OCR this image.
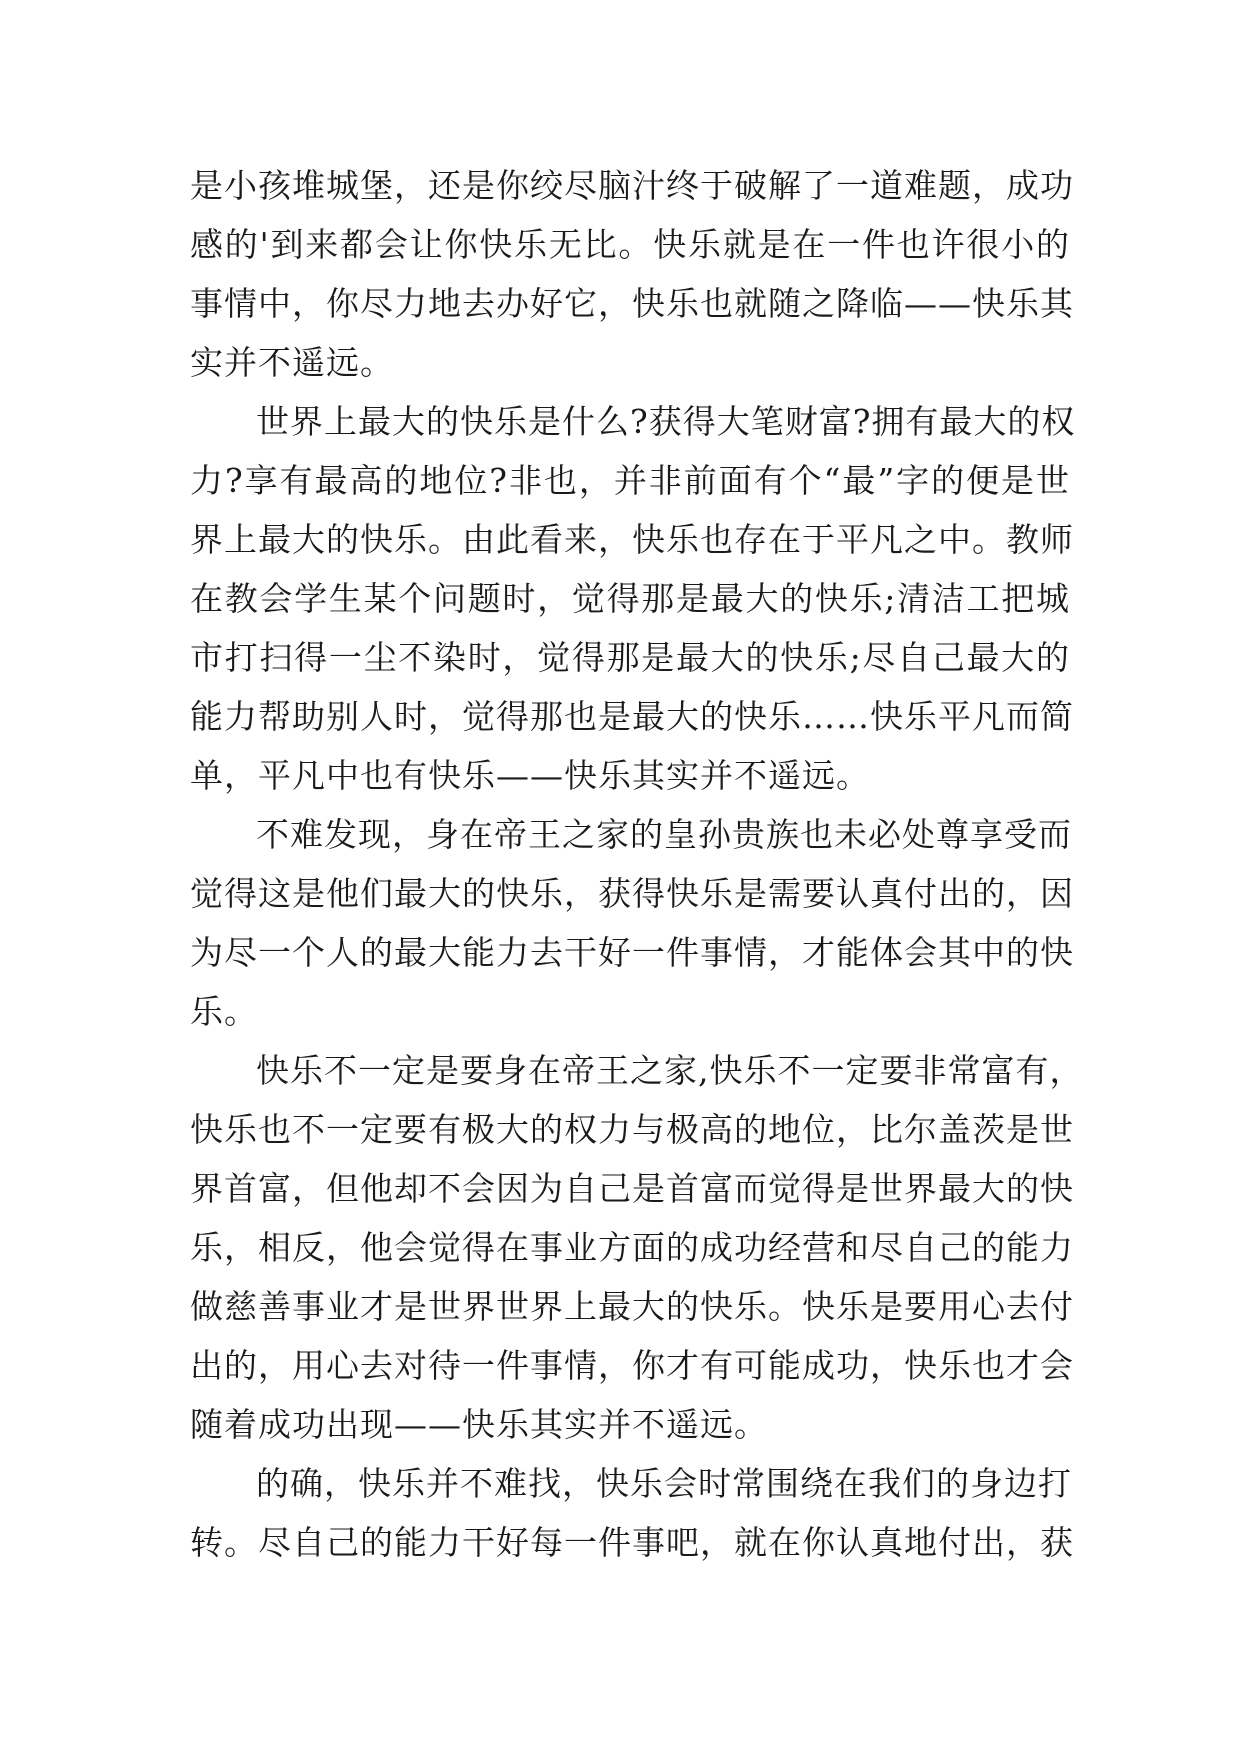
是小孩堆城堡，还是你绞尽脑汁终于破解了一道难题，成功
感的'到来都会让你快乐无比。快乐就是在一件也许很小的
事情中，你尽力地去办好它，快乐也就随之降临——快乐其
实并不遥远。
世界上最大的快乐是什么?获得大笔财富?拥有最大的权
力?享有最高的地位?非也，并非前面有个“最”字的便是世
界上最大的快乐。由此看来，快乐也存在于平凡之中。教师
在教会学生某个问题时，觉得那是最大的快乐;清洁工把城
市打扫得一尘不染时，觉得那是最大的快乐;尽自己最大的
能力帮助别人时，觉得那也是最大的快乐……快乐平凡而简
单，平凡中也有快乐——快乐其实并不遥远。
不难发现，身在帝王之家的皇孙贵族也未必处尊享受而
觉得这是他们最大的快乐，获得快乐是需要认真付出的，因
为尽一个人的最大能力去干好一件事情，才能体会其中的快
乐。
快乐不一定是要身在帝王之家,快乐不一定要非常富有，
快乐也不一定要有极大的权力与极高的地位，比尔盖茨是世
界首富，但他却不会因为自己是首富而觉得是世界最大的快
乐，相反，他会觉得在事业方面的成功经营和尽自己的能力
做慈善事业才是世界世界上最大的快乐。快乐是要用心去付
出的，用心去对待一件事情，你才有可能成功，快乐也才会
随着成功出现——快乐其实并不遥远。
的确，快乐并不难找，快乐会时常围绕在我们的身边打
转。尽自己的能力干好每一件事吧，就在你认真地付出，获
